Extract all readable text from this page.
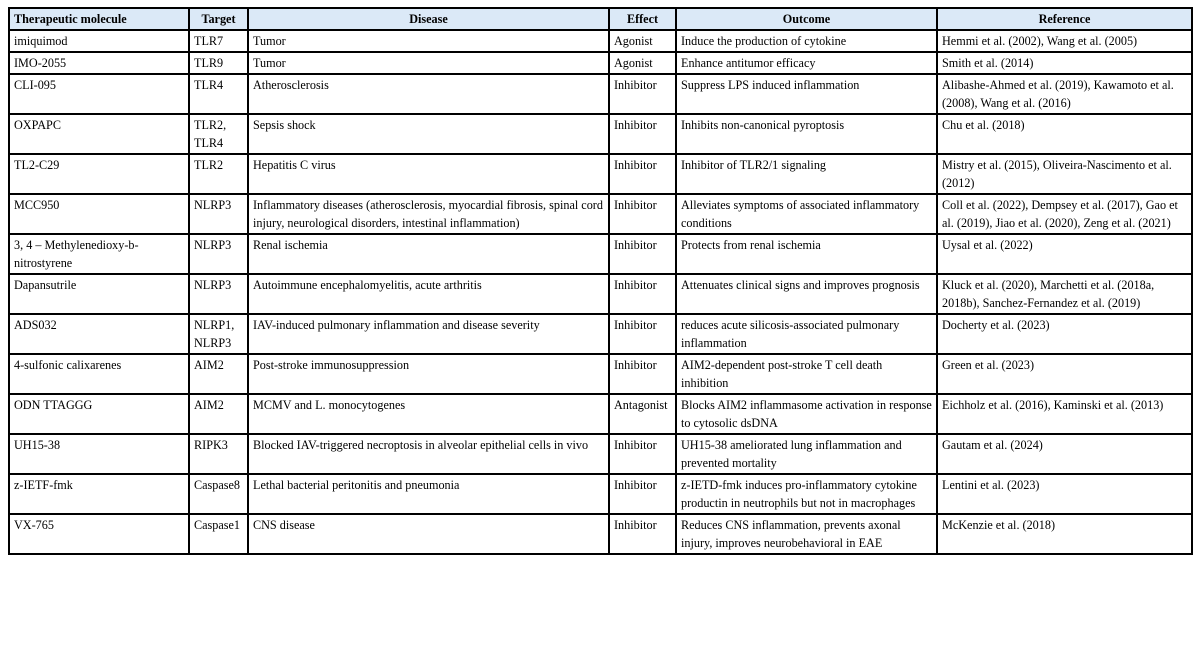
Therapeutic molecule	Target	Disease	Effect	Outcome	Reference
imiquimod	TLR7	Tumor	Agonist	Induce the production of cytokine	Hemmi et al. (2002), Wang et al. (2005)
IMO-2055	TLR9	Tumor	Agonist	Enhance antitumor efficacy	Smith et al. (2014)
CLI-095	TLR4	Atherosclerosis	Inhibitor	Suppress LPS induced inflammation	Alibashe-Ahmed et al. (2019), Kawamoto et al. (2008), Wang et al. (2016)
OXPAPC	TLR2, TLR4	Sepsis shock	Inhibitor	Inhibits non-canonical pyroptosis	Chu et al. (2018)
TL2-C29	TLR2	Hepatitis C virus	Inhibitor	Inhibitor of TLR2/1 signaling	Mistry et al. (2015), Oliveira-Nascimento et al. (2012)
MCC950	NLRP3	Inflammatory diseases (atherosclerosis, myocardial fibrosis, spinal cord injury, neurological disorders, intestinal inflammation)	Inhibitor	Alleviates symptoms of associated inflammatory conditions	Coll et al. (2022), Dempsey et al. (2017), Gao et al. (2019), Jiao et al. (2020), Zeng et al. (2021)
3, 4 – Methylenedioxy-b-nitrostyrene	NLRP3	Renal ischemia	Inhibitor	Protects from renal ischemia	Uysal et al. (2022)
Dapansutrile	NLRP3	Autoimmune encephalomyelitis, acute arthritis	Inhibitor	Attenuates clinical signs and improves prognosis	Kluck et al. (2020), Marchetti et al. (2018a, 2018b), Sanchez-Fernandez et al. (2019)
ADS032	NLRP1, NLRP3	IAV-induced pulmonary inflammation and disease severity	Inhibitor	reduces acute silicosis-associated pulmonary inflammation	Docherty et al. (2023)
4-sulfonic calixarenes	AIM2	Post-stroke immunosuppression	Inhibitor	AIM2-dependent post-stroke T cell death inhibition	Green et al. (2023)
ODN TTAGGG	AIM2	MCMV and L. monocytogenes	Antagonist	Blocks AIM2 inflammasome activation in response to cytosolic dsDNA	Eichholz et al. (2016), Kaminski et al. (2013)
UH15-38	RIPK3	Blocked IAV-triggered necroptosis in alveolar epithelial cells in vivo	Inhibitor	UH15-38 ameliorated lung inflammation and prevented mortality	Gautam et al. (2024)
z-IETF-fmk	Caspase8	Lethal bacterial peritonitis and pneumonia	Inhibitor	z-IETD-fmk induces pro-inflammatory cytokine productin in neutrophils but not in macrophages	Lentini et al. (2023)
VX-765	Caspase1	CNS disease	Inhibitor	Reduces CNS inflammation, prevents axonal injury, improves neurobehavioral in EAE	McKenzie et al. (2018)
